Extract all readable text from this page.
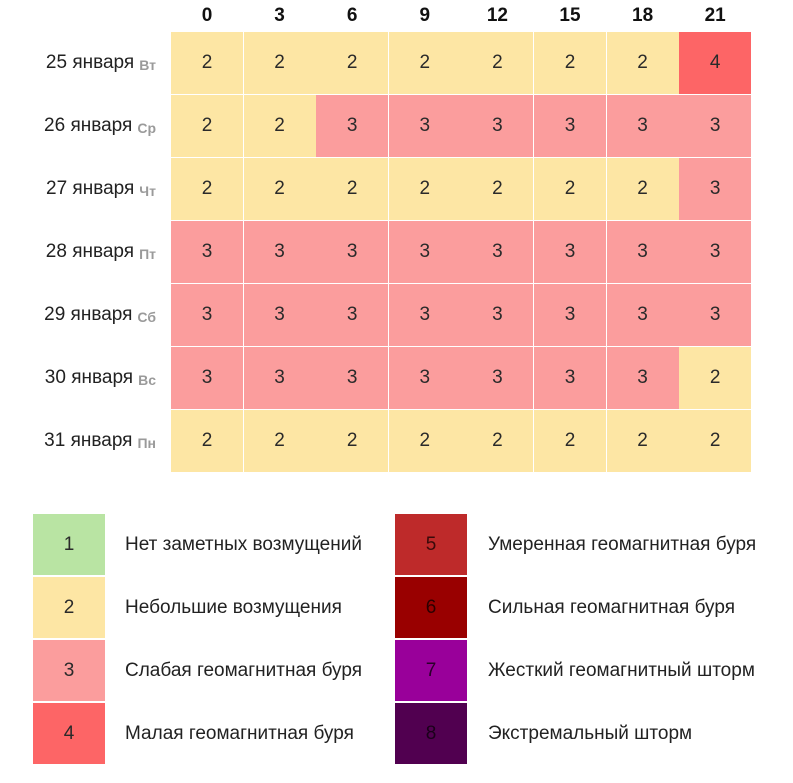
0	3	6	9	12	15	18	21
25 января Вт	2	2	2	2	2	2	2	4
26 января Ср	2	2	3	3	3	3	3	3
27 января Чт	2	2	2	2	2	2	2	3
28 января Пт	3	3	3	3	3	3	3	3
29 января Сб	3	3	3	3	3	3	3	3
30 января Вс	3	3	3	3	3	3	3	2
31 января Пн	2	2	2	2	2	2	2	2
1	Нет заметных возмущений
2	Небольшие возмущения
3	Слабая геомагнитная буря
4	Малая геомагнитная буря
5	Умеренная геомагнитная буря
6	Сильная геомагнитная буря
7	Жесткий геомагнитный шторм
8	Экстремальный шторм
